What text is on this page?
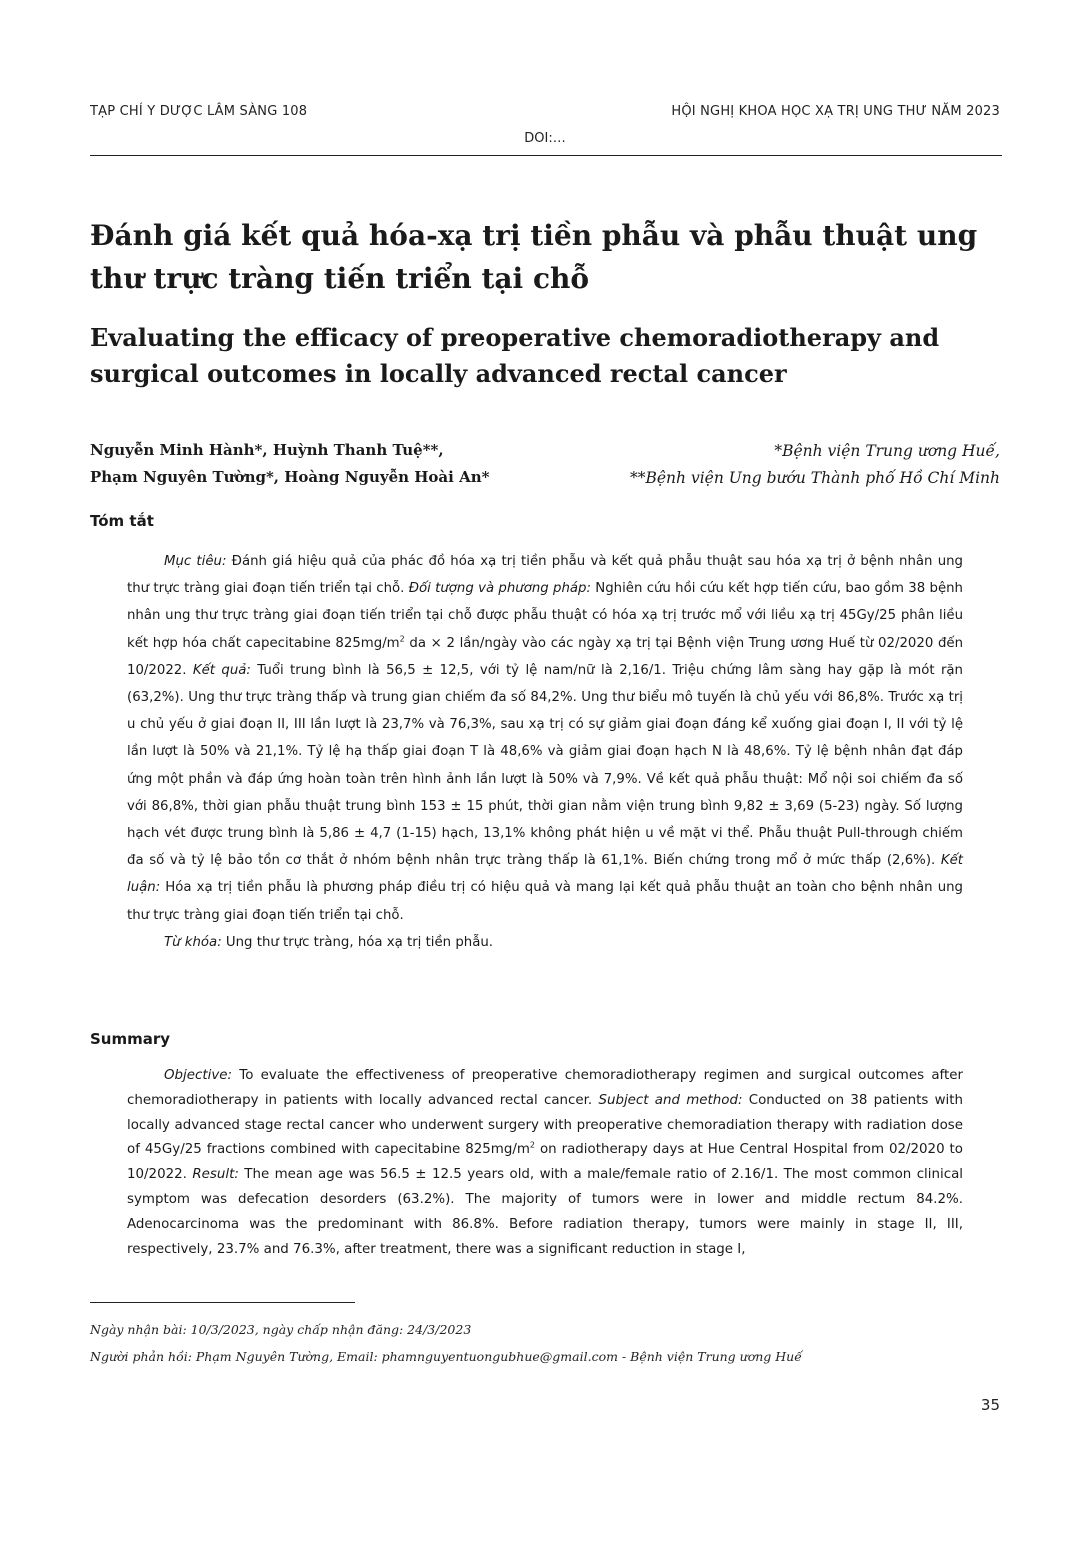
TẠP CHÍ Y DƯỢC LÂM SÀNG 108	HỘI NGHỊ KHOA HỌC XẠ TRỊ UNG THƯ NĂM 2023
DOI:…
Đánh giá kết quả hóa-xạ trị tiền phẫu và phẫu thuật ung thư trực tràng tiến triển tại chỗ
Evaluating the efficacy of preoperative chemoradiotherapy and surgical outcomes in locally advanced rectal cancer
Nguyễn Minh Hành*, Huỳnh Thanh Tuệ**,
Phạm Nguyên Tường*, Hoàng Nguyễn Hoài An*
*Bệnh viện Trung ương Huế,
**Bệnh viện Ung bướu Thành phố Hồ Chí Minh
Tóm tắt

Mục tiêu: Đánh giá hiệu quả của phác đồ hóa xạ trị tiền phẫu và kết quả phẫu thuật sau hóa xạ trị ở bệnh nhân ung thư trực tràng giai đoạn tiến triển tại chỗ. Đối tượng và phương pháp: Nghiên cứu hồi cứu kết hợp tiến cứu, bao gồm 38 bệnh nhân ung thư trực tràng giai đoạn tiến triển tại chỗ được phẫu thuật có hóa xạ trị trước mổ với liều xạ trị 45Gy/25 phân liều kết hợp hóa chất capecitabine $825mg/m^2$ da × 2 lần/ngày vào các ngày xạ trị tại Bệnh viện Trung ương Huế từ 02/2020 đến 10/2022. Kết quả: Tuổi trung bình là 56,5 ± 12,5, với tỷ lệ nam/nữ là 2,16/1. Triệu chứng lâm sàng hay gặp là mót rặn (63,2%). Ung thư trực tràng thấp và trung gian chiếm đa số 84,2%. Ung thư biểu mô tuyến là chủ yếu với 86,8%. Trước xạ trị u chủ yếu ở giai đoạn II, III lần lượt là 23,7% và 76,3%, sau xạ trị có sự giảm giai đoạn đáng kể xuống giai đoạn I, II với tỷ lệ lần lượt là 50% và 21,1%. Tỷ lệ hạ thấp giai đoạn T là 48,6% và giảm giai đoạn hạch N là 48,6%. Tỷ lệ bệnh nhân đạt đáp ứng một phần và đáp ứng hoàn toàn trên hình ảnh lần lượt là 50% và 7,9%. Về kết quả phẫu thuật: Mổ nội soi chiếm đa số với 86,8%, thời gian phẫu thuật trung bình 153 ± 15 phút, thời gian nằm viện trung bình 9,82 ± 3,69 (5-23) ngày. Số lượng hạch vét được trung bình là 5,86 ± 4,7 (1-15) hạch, 13,1% không phát hiện u về mặt vi thể. Phẫu thuật Pull-through chiếm đa số và tỷ lệ bảo tồn cơ thắt ở nhóm bệnh nhân trực tràng thấp là 61,1%. Biến chứng trong mổ ở mức thấp (2,6%). Kết luận: Hóa xạ trị tiền phẫu là phương pháp điều trị có hiệu quả và mang lại kết quả phẫu thuật an toàn cho bệnh nhân ung thư trực tràng giai đoạn tiến triển tại chỗ.

Từ khóa: Ung thư trực tràng, hóa xạ trị tiền phẫu.

Summary

Objective: To evaluate the effectiveness of preoperative chemoradiotherapy regimen and surgical outcomes after chemoradiotherapy in patients with locally advanced rectal cancer. Subject and method: Conducted on 38 patients with locally advanced stage rectal cancer who underwent surgery with preoperative chemoradiation therapy with radiation dose of 45Gy/25 fractions combined with capecitabine $825mg/m^2$ on radiotherapy days at Hue Central Hospital from 02/2020 to 10/2022. Result: The mean age was 56.5 ± 12.5 years old, with a male/female ratio of 2.16/1. The most common clinical symptom was defecation desorders (63.2%). The majority of tumors were in lower and middle rectum 84.2%. Adenocarcinoma was the predominant with 86.8%. Before radiation therapy, tumors were mainly in stage II, III, respectively, 23.7% and 76.3%, after treatment, there was a significant reduction in stage I,

Ngày nhận bài: 10/3/2023, ngày chấp nhận đăng: 24/3/2023
Người phản hồi: Phạm Nguyên Tường, Email: phamnguyentuongubhue@gmail.com - Bệnh viện Trung ương Huế
35
